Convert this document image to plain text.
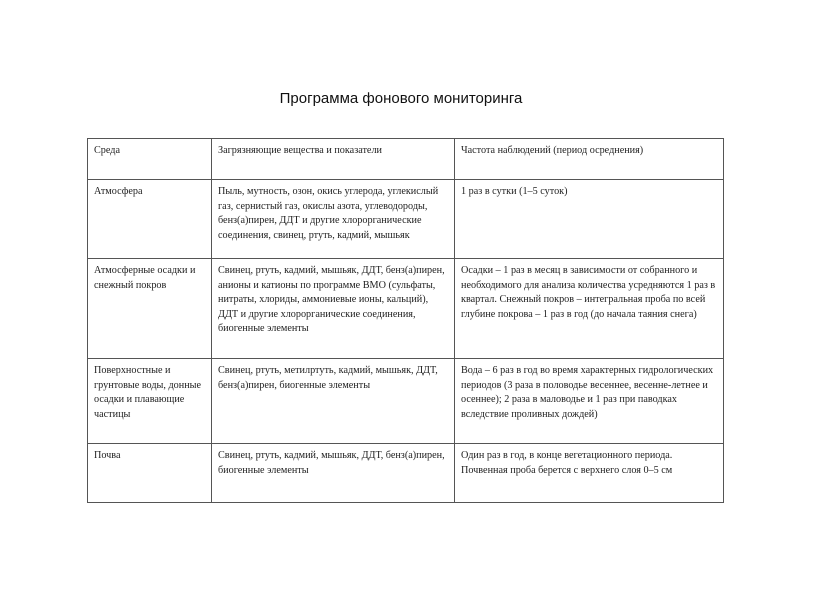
Программа фонового мониторинга
Среда	Загрязняющие вещества и показатели	Частота наблюдений (период осреднения)
Атмосфера	Пыль, мутность, озон, окись углерода, углекислый газ, сернистый газ, окислы азота, углеводороды, бенз(а)пирен, ДДТ и другие хлорорганические соединения, свинец, ртуть, кадмий, мышьяк	1 раз в сутки (1–5 суток)
Атмосферные осадки и снежный покров	Свинец, ртуть, кадмий, мышьяк, ДДТ, бенз(а)пирен, анионы и катионы по программе ВМО (сульфаты, нитраты, хлориды, аммониевые ионы, кальций), ДДТ и другие хлорорганические соединения, биогенные элементы	Осадки – 1 раз в месяц в зависимости от собранного и необходимого для анализа количества усредняются 1 раз в квартал. Снежный покров – интегральная проба по всей глубине покрова – 1 раз в год (до начала таяния снега)
Поверхностные и грунтовые воды, донные осадки и плавающие частицы	Свинец, ртуть, метилртуть, кадмий, мышьяк, ДДТ, бенз(а)пирен, биогенные элементы	Вода – 6 раз в год во время характерных гидрологических периодов (3 раза в половодье весеннее, весенне-летнее и осеннее); 2 раза в маловодье и 1 раз при паводках вследствие проливных дождей)
Почва	Свинец, ртуть, кадмий, мышьяк, ДДТ, бенз(а)пирен, биогенные элементы	Один раз в год, в конце вегетационного периода. Почвенная проба берется с верхнего слоя 0–5 см
